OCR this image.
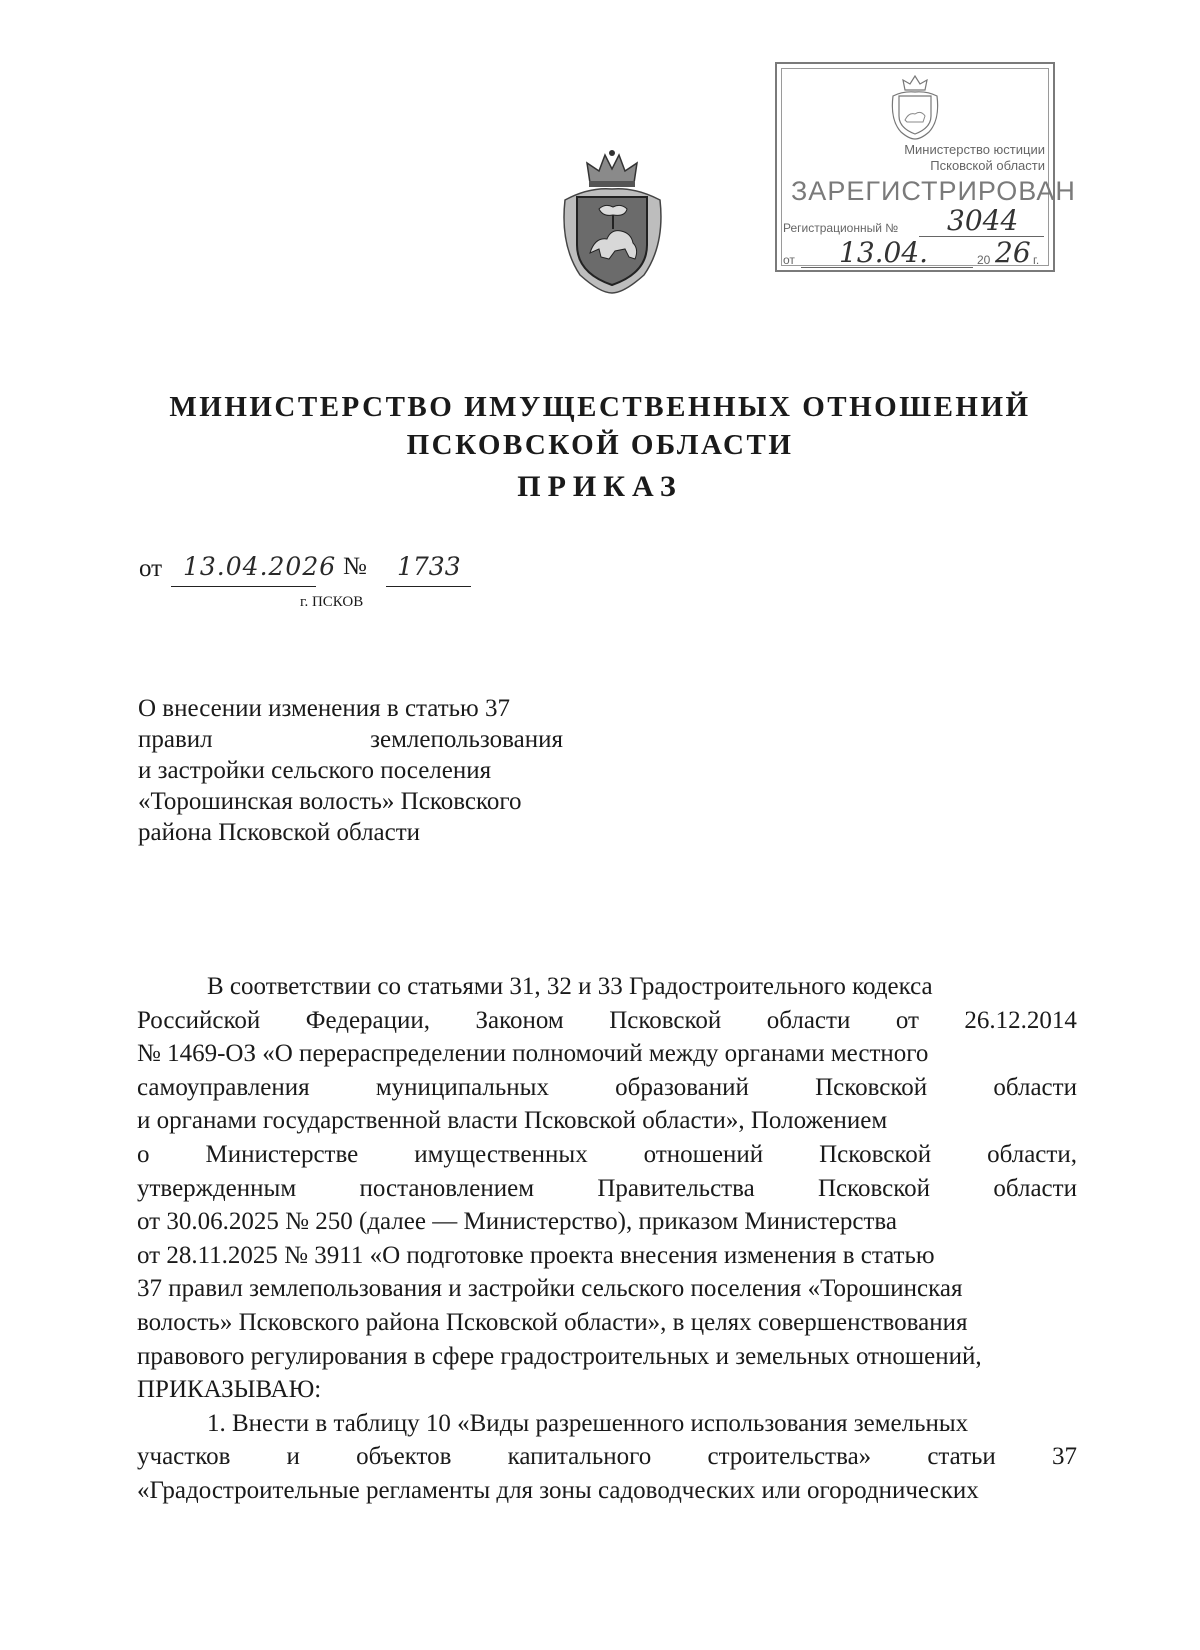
Министерство юстиции
Псковской области
ЗАРЕГИСТРИРОВАН
Регистрационный № 3044
от 13.04.	20 26 г.
МИНИСТЕРСТВО ИМУЩЕСТВЕННЫХ ОТНОШЕНИЙ
ПСКОВСКОЙ ОБЛАСТИ
ПРИКАЗ
от 13.04.2026 № 1733
г. ПСКОВ
О внесении изменения в статью 37
правил	землепользования
и застройки сельского поселения
«Торошинская волость» Псковского
района Псковской области
В соответствии со статьями 31, 32 и 33 Градостроительного кодекса
Российской Федерации, Законом Псковской области от 26.12.2014
№ 1469-ОЗ «О перераспределении полномочий между органами местного
самоуправления	муниципальных	образований	Псковской	области
и органами государственной власти Псковской области», Положением
о Министерстве имущественных отношений Псковской области,
утвержденным	постановлением	Правительства	Псковской	области
от 30.06.2025 № 250 (далее — Министерство), приказом Министерства
от 28.11.2025 № 3911 «О подготовке проекта внесения изменения в статью
37 правил землепользования и застройки сельского поселения «Торошинская
волость» Псковского района Псковской области», в целях совершенствования
правового регулирования в сфере градостроительных и земельных отношений,
ПРИКАЗЫВАЮ:
1. Внести в таблицу 10 «Виды разрешенного использования земельных
участков и объектов капитального строительства» статьи 37
«Градостроительные регламенты для зоны садоводческих или огороднических
